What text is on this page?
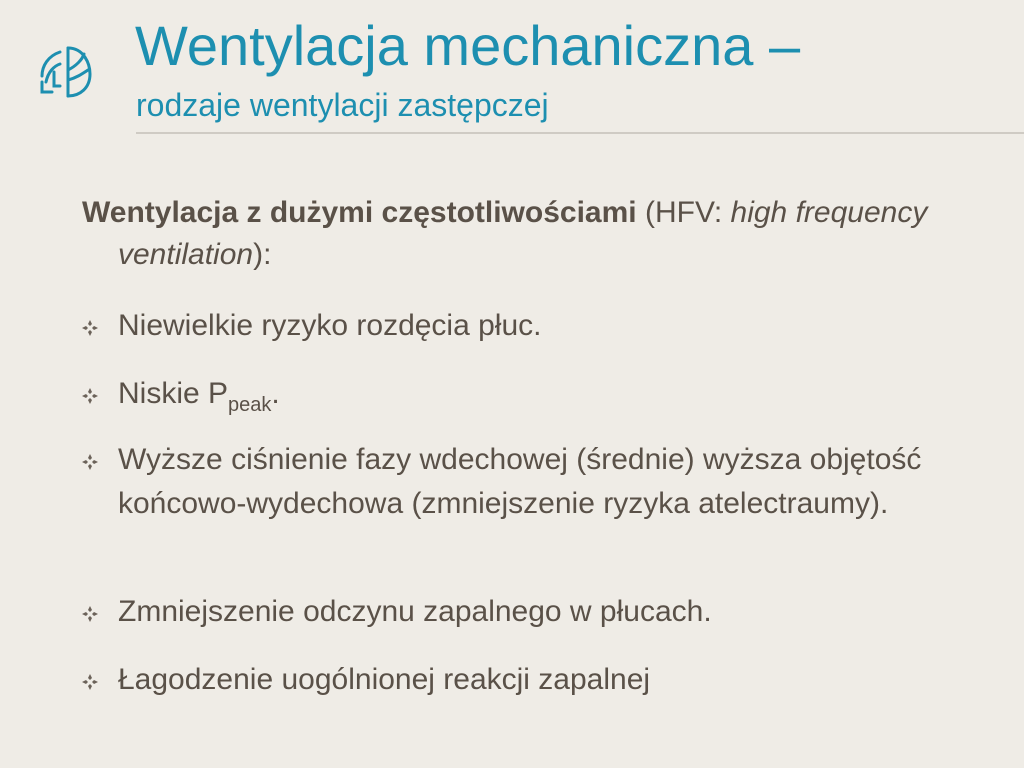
Wentylacja mechaniczna –
rodzaje wentylacji zastępczej

Wentylacja z dużymi częstotliwościami (HFV: high frequency ventilation):

Niewielkie ryzyko rozdęcia płuc.
Niskie $P_{peak}$.
Wyższe ciśnienie fazy wdechowej (średnie) wyższa objętość końcowo-wydechowa (zmniejszenie ryzyka atelectraumy).
Zmniejszenie odczynu zapalnego w płucach.
Łagodzenie uogólnionej reakcji zapalnej
